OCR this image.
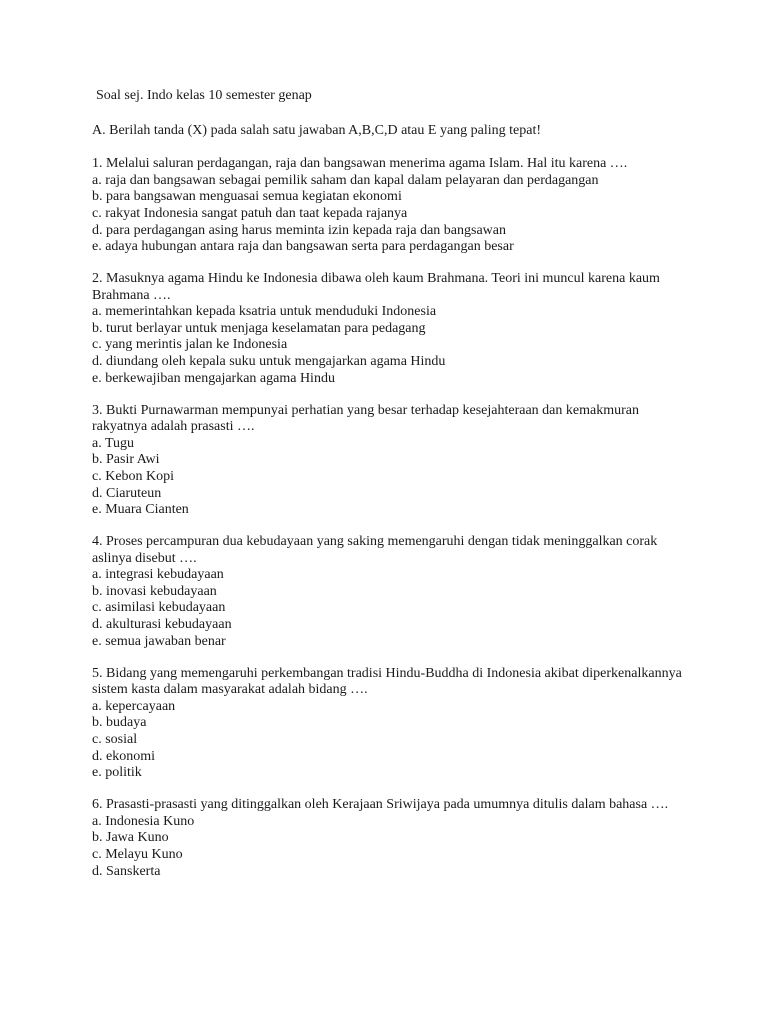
Soal sej. Indo kelas 10 semester genap
A. Berilah tanda (X) pada salah satu jawaban A,B,C,D atau E yang paling tepat!
1. Melalui saluran perdagangan, raja dan bangsawan menerima agama Islam. Hal itu karena ….
a. raja dan bangsawan sebagai pemilik saham dan kapal dalam pelayaran dan perdagangan
b. para bangsawan menguasai semua kegiatan ekonomi
c. rakyat Indonesia sangat patuh dan taat kepada rajanya
d. para perdagangan asing harus meminta izin kepada raja dan bangsawan
e. adaya hubungan antara raja dan bangsawan serta para perdagangan besar
2. Masuknya agama Hindu ke Indonesia dibawa oleh kaum Brahmana. Teori ini muncul karena kaum Brahmana ….
a. memerintahkan kepada ksatria untuk menduduki Indonesia
b. turut berlayar untuk menjaga keselamatan para pedagang
c. yang merintis jalan ke Indonesia
d. diundang oleh kepala suku untuk mengajarkan agama Hindu
e. berkewajiban mengajarkan agama Hindu
3. Bukti Purnawarman mempunyai perhatian yang besar terhadap kesejahteraan dan kemakmuran rakyatnya adalah prasasti ….
a. Tugu
b. Pasir Awi
c. Kebon Kopi
d. Ciaruteun
e. Muara Cianten
4. Proses percampuran dua kebudayaan yang saking memengaruhi dengan tidak meninggalkan corak aslinya disebut ….
a. integrasi kebudayaan
b. inovasi kebudayaan
c. asimilasi kebudayaan
d. akulturasi kebudayaan
e. semua jawaban benar
5. Bidang yang memengaruhi perkembangan tradisi Hindu-Buddha di Indonesia akibat diperkenalkannya sistem kasta dalam masyarakat adalah bidang ….
a. kepercayaan
b. budaya
c. sosial
d. ekonomi
e. politik
6. Prasasti-prasasti yang ditinggalkan oleh Kerajaan Sriwijaya pada umumnya ditulis dalam bahasa ….
a. Indonesia Kuno
b. Jawa Kuno
c. Melayu Kuno
d. Sanskerta
